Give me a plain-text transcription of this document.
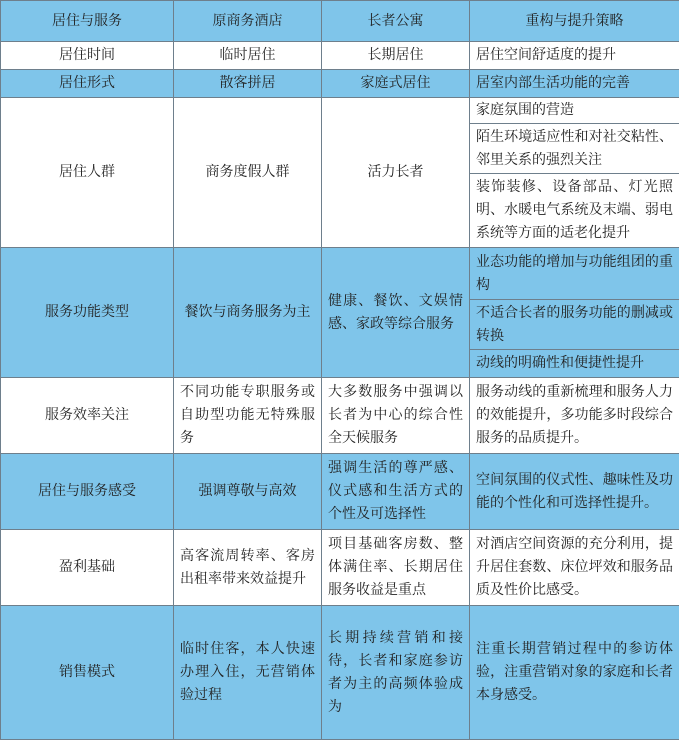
居住与服务	原商务酒店	长者公寓	重构与提升策略
居住时间	临时居住	长期居住	居住空间舒适度的提升
居住形式	散客拼居	家庭式居住	居室内部生活功能的完善
居住人群	商务度假人群	活力长者	家庭氛围的营造
			陌生环境适应性和对社交粘性、邻里关系的强烈关注
			装饰装修、设备部品、灯光照明、水暖电气系统及末端、弱电系统等方面的适老化提升
服务功能类型	餐饮与商务服务为主	健康、餐饮、文娱情感、家政等综合服务	业态功能的增加与功能组团的重构
			不适合长者的服务功能的删减或转换
			动线的明确性和便捷性提升
服务效率关注	不同功能专职服务或自助型功能无特殊服务	大多数服务中强调以长者为中心的综合性全天候服务	服务动线的重新梳理和服务人力的效能提升，多功能多时段综合服务的品质提升。
居住与服务感受	强调尊敬与高效	强调生活的尊严感、仪式感和生活方式的个性及可选择性	空间氛围的仪式性、趣味性及功能的个性化和可选择性提升。
盈利基础	高客流周转率、客房出租率带来效益提升	项目基础客房数、整体满住率、长期居住服务收益是重点	对酒店空间资源的充分利用，提升居住套数、床位坪效和服务品质及性价比感受。
销售模式	临时住客，本人快速办理入住，无营销体验过程	长期持续营销和接待，长者和家庭参访者为主的高频体验成为	注重长期营销过程中的参访体验，注重营销对象的家庭和长者本身感受。
